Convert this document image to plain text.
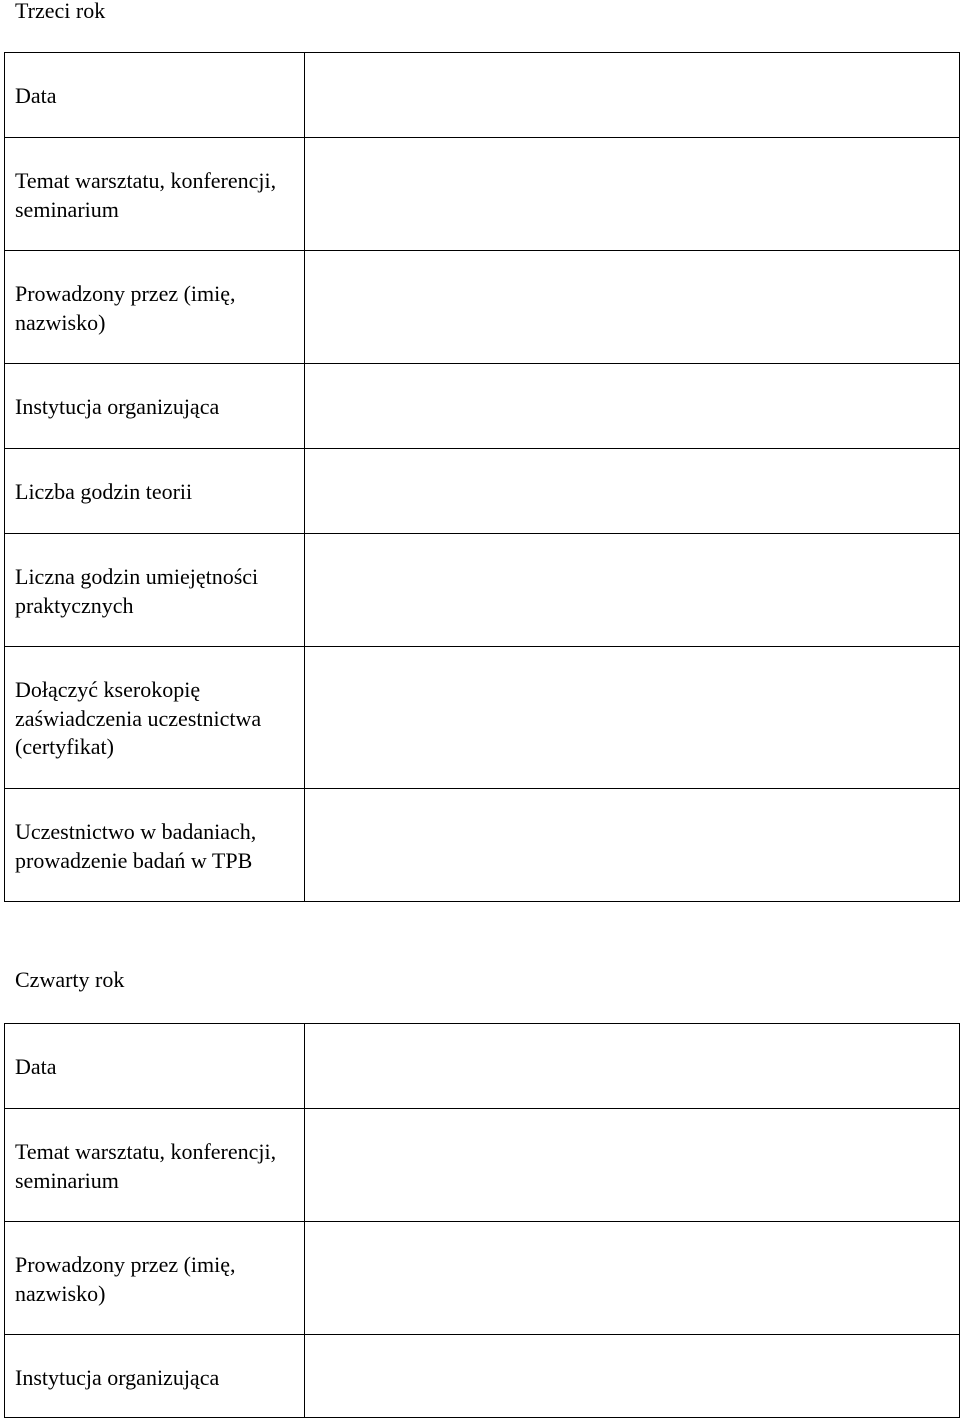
Trzeci rok
Data	

Temat warsztatu, konferencji, seminarium	

Prowadzony przez (imię, nazwisko)	

Instytucja organizująca	

Liczba godzin teorii	

Liczna godzin umiejętności praktycznych	

Dołączyć kserokopię zaświadczenia uczestnictwa (certyfikat)	

Uczestnictwo w badaniach, prowadzenie badań w TPB	

Czwarty rok
Data	

Temat warsztatu, konferencji, seminarium	

Prowadzony przez (imię, nazwisko)	

Instytucja organizująca	
